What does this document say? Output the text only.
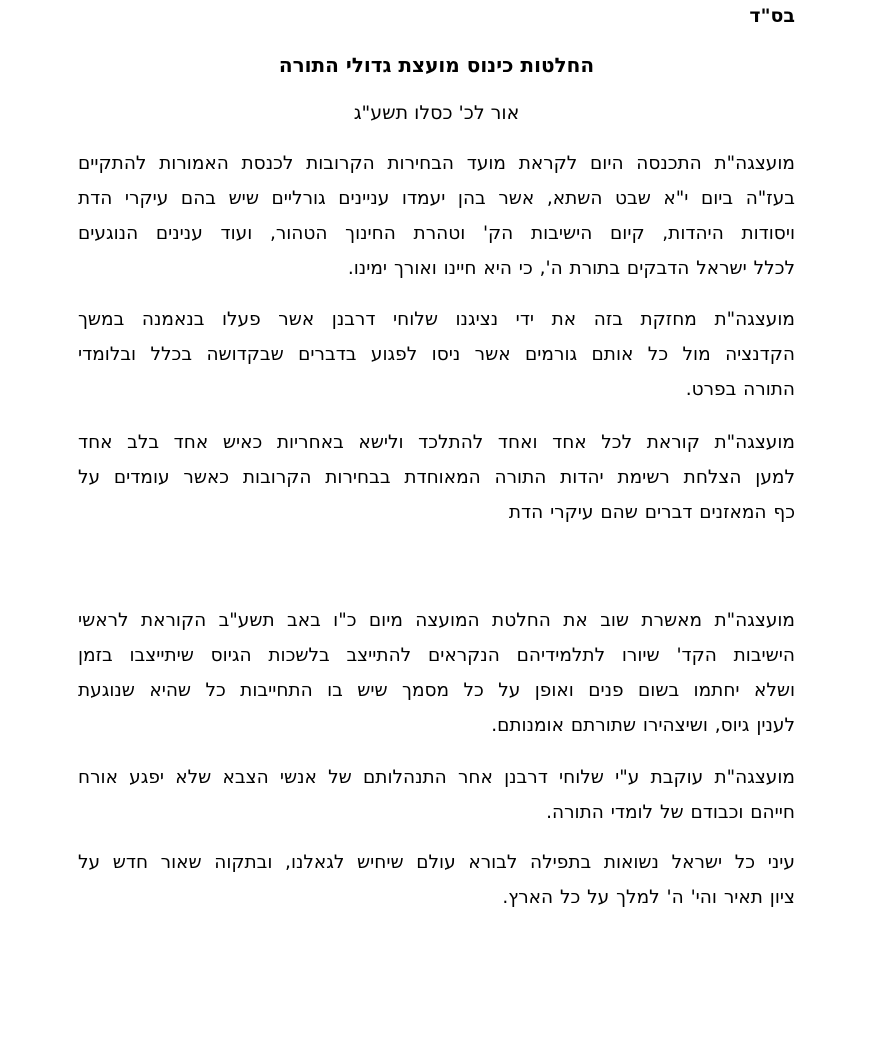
בס"ד
החלטות כינוס מועצת גדולי התורה
אור לכ' כסלו תשע"ג

מועצגה"ת התכנסה היום לקראת מועד הבחירות הקרובות לכנסת האמורות להתקיים
בעז"ה ביום י"א שבט השתא, אשר בהן יעמדו עניינים גורליים שיש בהם עיקרי הדת
ויסודות היהדות, קיום הישיבות הק' וטהרת החינוך הטהור, ועוד ענינים הנוגעים
לכלל ישראל הדבקים בתורת ה', כי היא חיינו ואורך ימינו.

מועצגה"ת מחזקת בזה את ידי נציגנו שלוחי דרבנן אשר פעלו בנאמנה במשך
הקדנציה מול כל אותם גורמים אשר ניסו לפגוע בדברים שבקדושה בכלל ובלומדי
התורה בפרט.

מועצגה"ת קוראת לכל אחד ואחד להתלכד ולישא באחריות כאיש אחד בלב אחד
למען הצלחת רשימת יהדות התורה המאוחדת בבחירות הקרובות כאשר עומדים על
כף המאזנים דברים שהם עיקרי הדת

מועצגה"ת מאשרת שוב את החלטת המועצה מיום כ"ו באב תשע"ב הקוראת לראשי
הישיבות הקד' שיורו לתלמידיהם הנקראים להתייצב בלשכות הגיוס שיתייצבו בזמן
ושלא יחתמו בשום פנים ואופן על כל מסמך שיש בו התחייבות כל שהיא שנוגעת
לענין גיוס, ושיצהירו שתורתם אומנותם.

מועצגה"ת עוקבת ע"י שלוחי דרבנן אחר התנהלותם של אנשי הצבא שלא יפגע אורח
חייהם וכבודם של לומדי התורה.

עיני כל ישראל נשואות בתפילה לבורא עולם שיחיש לגאלנו, ובתקוה שאור חדש על
ציון תאיר והי' ה' למלך על כל הארץ.
